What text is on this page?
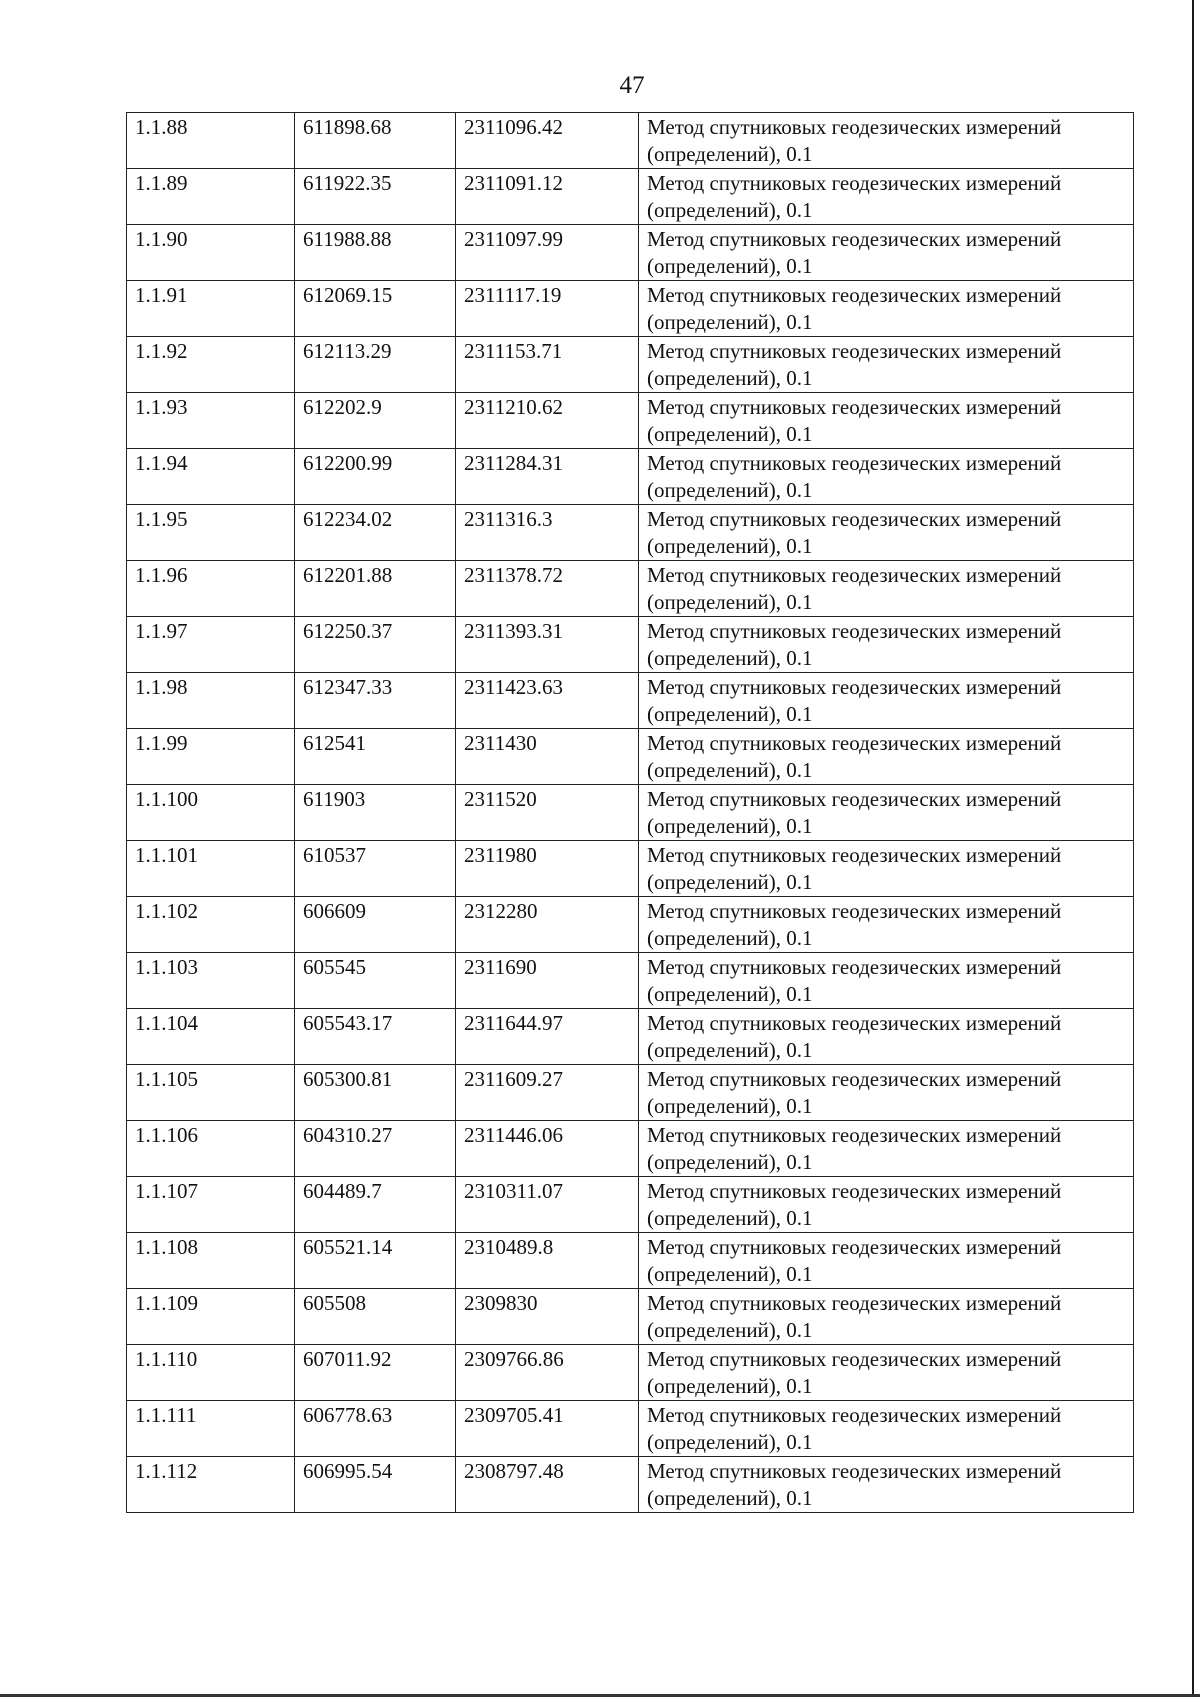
47
1.1.88	611898.68	2311096.42	Метод спутниковых геодезических измерений (определений), 0.1
1.1.89	611922.35	2311091.12	Метод спутниковых геодезических измерений (определений), 0.1
1.1.90	611988.88	2311097.99	Метод спутниковых геодезических измерений (определений), 0.1
1.1.91	612069.15	2311117.19	Метод спутниковых геодезических измерений (определений), 0.1
1.1.92	612113.29	2311153.71	Метод спутниковых геодезических измерений (определений), 0.1
1.1.93	612202.9	2311210.62	Метод спутниковых геодезических измерений (определений), 0.1
1.1.94	612200.99	2311284.31	Метод спутниковых геодезических измерений (определений), 0.1
1.1.95	612234.02	2311316.3	Метод спутниковых геодезических измерений (определений), 0.1
1.1.96	612201.88	2311378.72	Метод спутниковых геодезических измерений (определений), 0.1
1.1.97	612250.37	2311393.31	Метод спутниковых геодезических измерений (определений), 0.1
1.1.98	612347.33	2311423.63	Метод спутниковых геодезических измерений (определений), 0.1
1.1.99	612541	2311430	Метод спутниковых геодезических измерений (определений), 0.1
1.1.100	611903	2311520	Метод спутниковых геодезических измерений (определений), 0.1
1.1.101	610537	2311980	Метод спутниковых геодезических измерений (определений), 0.1
1.1.102	606609	2312280	Метод спутниковых геодезических измерений (определений), 0.1
1.1.103	605545	2311690	Метод спутниковых геодезических измерений (определений), 0.1
1.1.104	605543.17	2311644.97	Метод спутниковых геодезических измерений (определений), 0.1
1.1.105	605300.81	2311609.27	Метод спутниковых геодезических измерений (определений), 0.1
1.1.106	604310.27	2311446.06	Метод спутниковых геодезических измерений (определений), 0.1
1.1.107	604489.7	2310311.07	Метод спутниковых геодезических измерений (определений), 0.1
1.1.108	605521.14	2310489.8	Метод спутниковых геодезических измерений (определений), 0.1
1.1.109	605508	2309830	Метод спутниковых геодезических измерений (определений), 0.1
1.1.110	607011.92	2309766.86	Метод спутниковых геодезических измерений (определений), 0.1
1.1.111	606778.63	2309705.41	Метод спутниковых геодезических измерений (определений), 0.1
1.1.112	606995.54	2308797.48	Метод спутниковых геодезических измерений (определений), 0.1
